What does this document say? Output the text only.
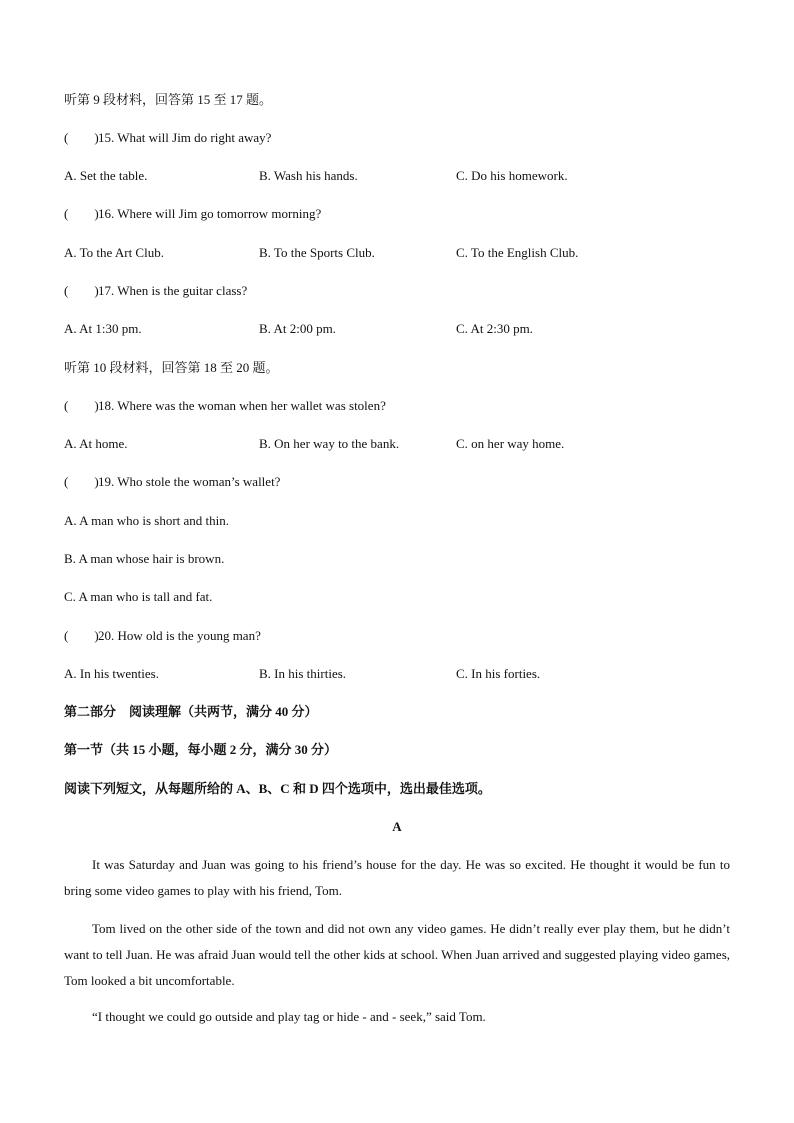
听第 9 段材料，回答第 15 至 17 题。
(　　)15. What will Jim do right away?
A. Set the table.	B. Wash his hands.	C. Do his homework.
(　　)16. Where will Jim go tomorrow morning?
A. To the Art Club.	B. To the Sports Club.	C. To the English Club.
(　　)17. When is the guitar class?
A. At 1:30 pm.	B. At 2:00 pm.	C. At 2:30 pm.
听第 10 段材料，回答第 18 至 20 题。
(　　)18. Where was the woman when her wallet was stolen?
A. At home.	B. On her way to the bank.	C. on her way home.
(　　)19. Who stole the woman’s wallet?
A. A man who is short and thin.
B. A man whose hair is brown.
C. A man who is tall and fat.
(　　)20. How old is the young man?
A. In his twenties.	B. In his thirties.	C. In his forties.
第二部分　阅读理解（共两节，满分 40 分）
第一节（共 15 小题，每小题 2 分，满分 30 分）
阅读下列短文，从每题所给的 A、B、C 和 D 四个选项中，选出最佳选项。
A
It was Saturday and Juan was going to his friend’s house for the day. He was so excited. He thought it would be fun to bring some video games to play with his friend, Tom.
Tom lived on the other side of the town and did not own any video games. He didn’t really ever play them, but he didn’t want to tell Juan. He was afraid Juan would tell the other kids at school. When Juan arrived and suggested playing video games, Tom looked a bit uncomfortable.
“I thought we could go outside and play tag or hide - and - seek,” said Tom.
